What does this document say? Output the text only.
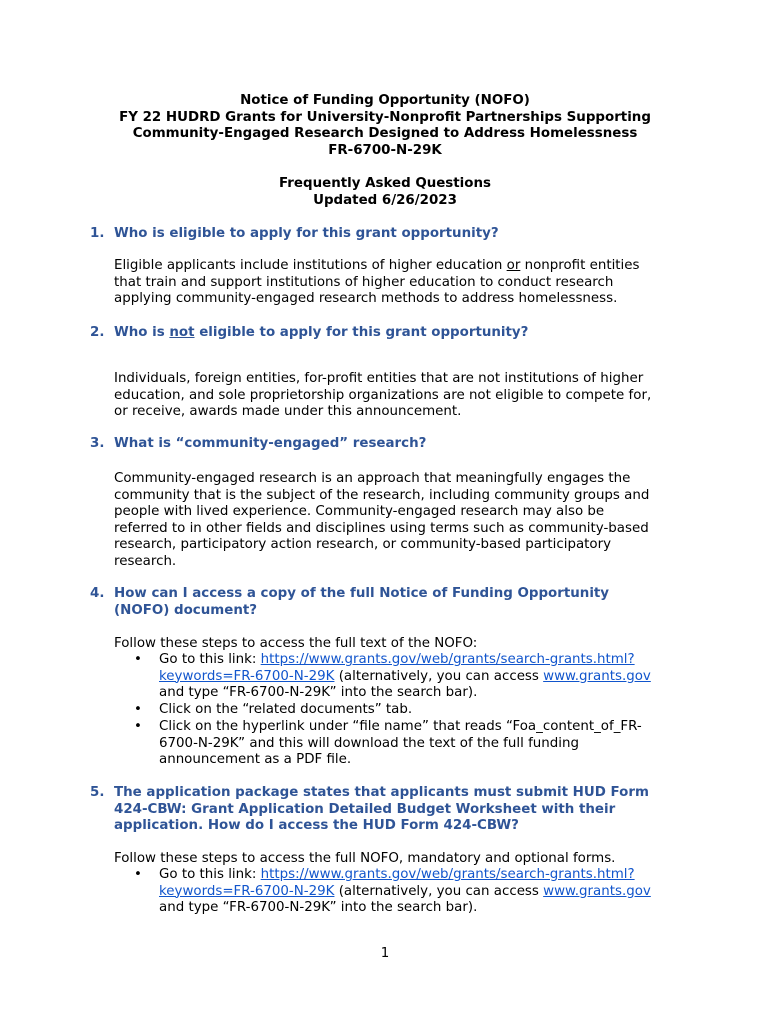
Notice of Funding Opportunity (NOFO)
FY 22 HUDRD Grants for University-Nonprofit Partnerships Supporting
Community-Engaged Research Designed to Address Homelessness
FR-6700-N-29K
Frequently Asked Questions
Updated 6/26/2023
1. Who is eligible to apply for this grant opportunity?
Eligible applicants include institutions of higher education or nonprofit entities
that train and support institutions of higher education to conduct research
applying community-engaged research methods to address homelessness.
2. Who is not eligible to apply for this grant opportunity?
Individuals, foreign entities, for-profit entities that are not institutions of higher
education, and sole proprietorship organizations are not eligible to compete for,
or receive, awards made under this announcement.
3. What is “community-engaged” research?
Community-engaged research is an approach that meaningfully engages the
community that is the subject of the research, including community groups and
people with lived experience. Community-engaged research may also be
referred to in other fields and disciplines using terms such as community-based
research, participatory action research, or community-based participatory
research.
4. How can I access a copy of the full Notice of Funding Opportunity
(NOFO) document?
Follow these steps to access the full text of the NOFO:
• Go to this link: https://www.grants.gov/web/grants/search-grants.html?
keywords=FR-6700-N-29K (alternatively, you can access www.grants.gov
and type “FR-6700-N-29K” into the search bar).
• Click on the “related documents” tab.
• Click on the hyperlink under “file name” that reads “Foa_content_of_FR-
6700-N-29K” and this will download the text of the full funding
announcement as a PDF file.
5. The application package states that applicants must submit HUD Form
424-CBW: Grant Application Detailed Budget Worksheet with their
application. How do I access the HUD Form 424-CBW?
Follow these steps to access the full NOFO, mandatory and optional forms.
• Go to this link: https://www.grants.gov/web/grants/search-grants.html?
keywords=FR-6700-N-29K (alternatively, you can access www.grants.gov
and type “FR-6700-N-29K” into the search bar).
1
